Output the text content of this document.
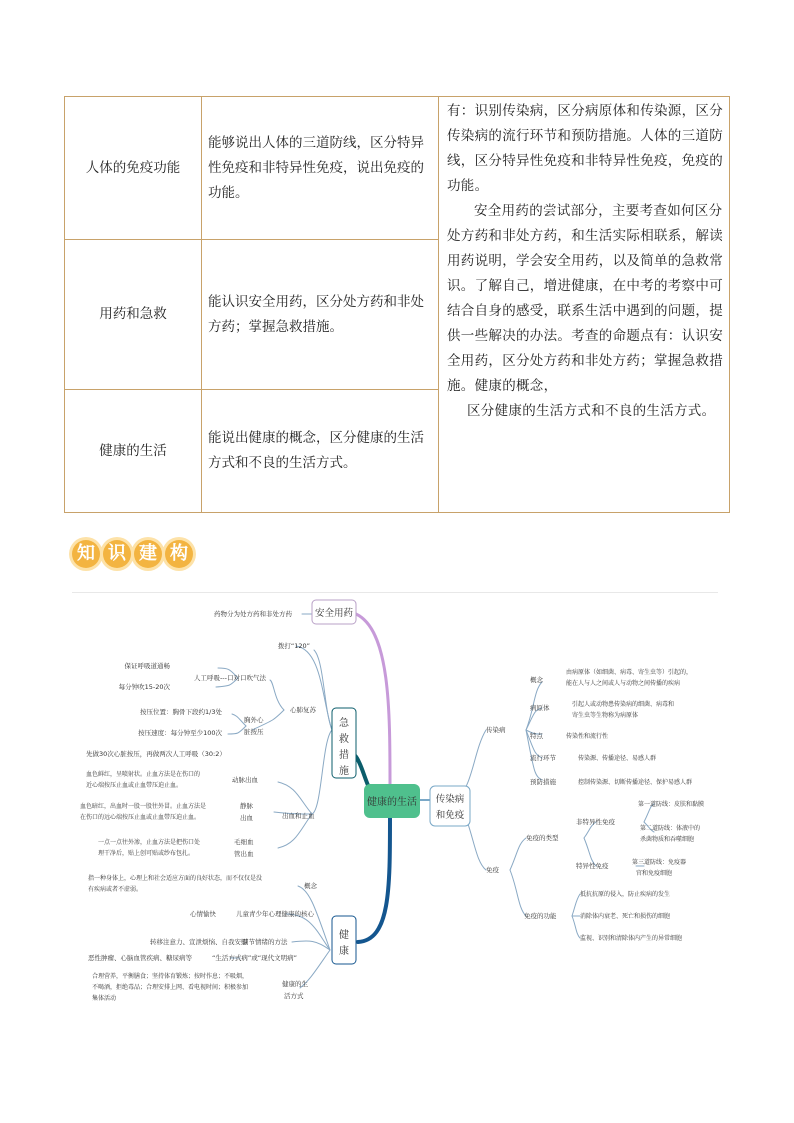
人体的免疫功能	能够说出人体的三道防线，区分特异性免疫和非特异性免疫，说出免疫的功能。	有：识别传染病，区分病原体和传染源，区分传染病的流行环节和预防措施。人体的三道防线，区分特异性免疫和非特异性免疫，免疫的功能。

安全用药的尝试部分，主要考查如何区分处方药和非处方药，和生活实际相联系，解读用药说明，学会安全用药，以及简单的急救常识。了解自己，增进健康，在中考的考察中可结合自身的感受，联系生活中遇到的问题，提供一些解决的办法。考查的命题点有：认识安全用药，区分处方药和非处方药；掌握急救措施。健康的概念，

区分健康的生活方式和不良的生活方式。

用药和急救	能认识安全用药，区分处方药和非处方药；掌握急救措施。	
健康的生活	能说出健康的概念，区分健康的生活方式和不良的生活方式。	
知 识 建 构
健康的生活
安全用药
药物分为处方药和非处方药
急
救
措
施
拨打“120”
心肺复苏
人工呼吸---口对口吹气法
保证呼吸道通畅
每分钟吹15-20次
胸外心
脏按压
按压位置：胸骨下段约1/3处
按压速度：每分钟至少100次
先做30次心脏按压，再做两次人工呼吸（30:2）
出血和止血
动脉出血
血色鲜红，呈喷射状。止血方法是在伤口的
近心端按压止血或止血带压迫止血。
静脉
出血
血色暗红，出血时一股一股往外冒。止血方法是
在伤口的远心端按压止血或止血带压迫止血。
毛细血
管出血
一点一点往外渗，止血方法是把伤口处
理干净后，贴上创可贴或纱布包扎。
健
康
概念
指一种身体上，心理上和社会适应方面的良好状态，而不仅仅是没
有疾病或者不虚弱。
儿童青少年心理健康的核心
心情愉快
调节情绪的方法
转移注意力、宣泄烦恼、自我安慰
恶性肿瘤、心脑血管疾病、糖尿病等	“生活方式病”或“现代文明病”
合理营养，平衡膳食；坚持体育锻炼；按时作息；不吸烟，
不喝酒，拒绝毒品；合理安排上网、看电视时间；积极参加
集体活动
健康的生
活方式
传染病
和免疫
传染病
概念
由病原体（如细菌、病毒、寄生虫等）引起的，
能在人与人之间或人与动物之间传播的疾病
病原体	引起人或动物患传染病的细菌、病毒和
寄生虫等生物称为病原体
特点	传染性和流行性
流行环节	传染源、传播途径、易感人群
预防措施	控制传染源、切断传播途径、保护易感人群
免疫
免疫的类型
非特异性免疫
第一道防线：皮肤和黏膜
第二道防线：体液中的
杀菌物质和吞噬细胞
特异性免疫	第三道防线：免疫器
官和免疫细胞
免疫的功能
抵抗抗原的侵入，防止疾病的发生
消除体内衰老、死亡和损伤的细胞
监视、识别和清除体内产生的异常细胞
